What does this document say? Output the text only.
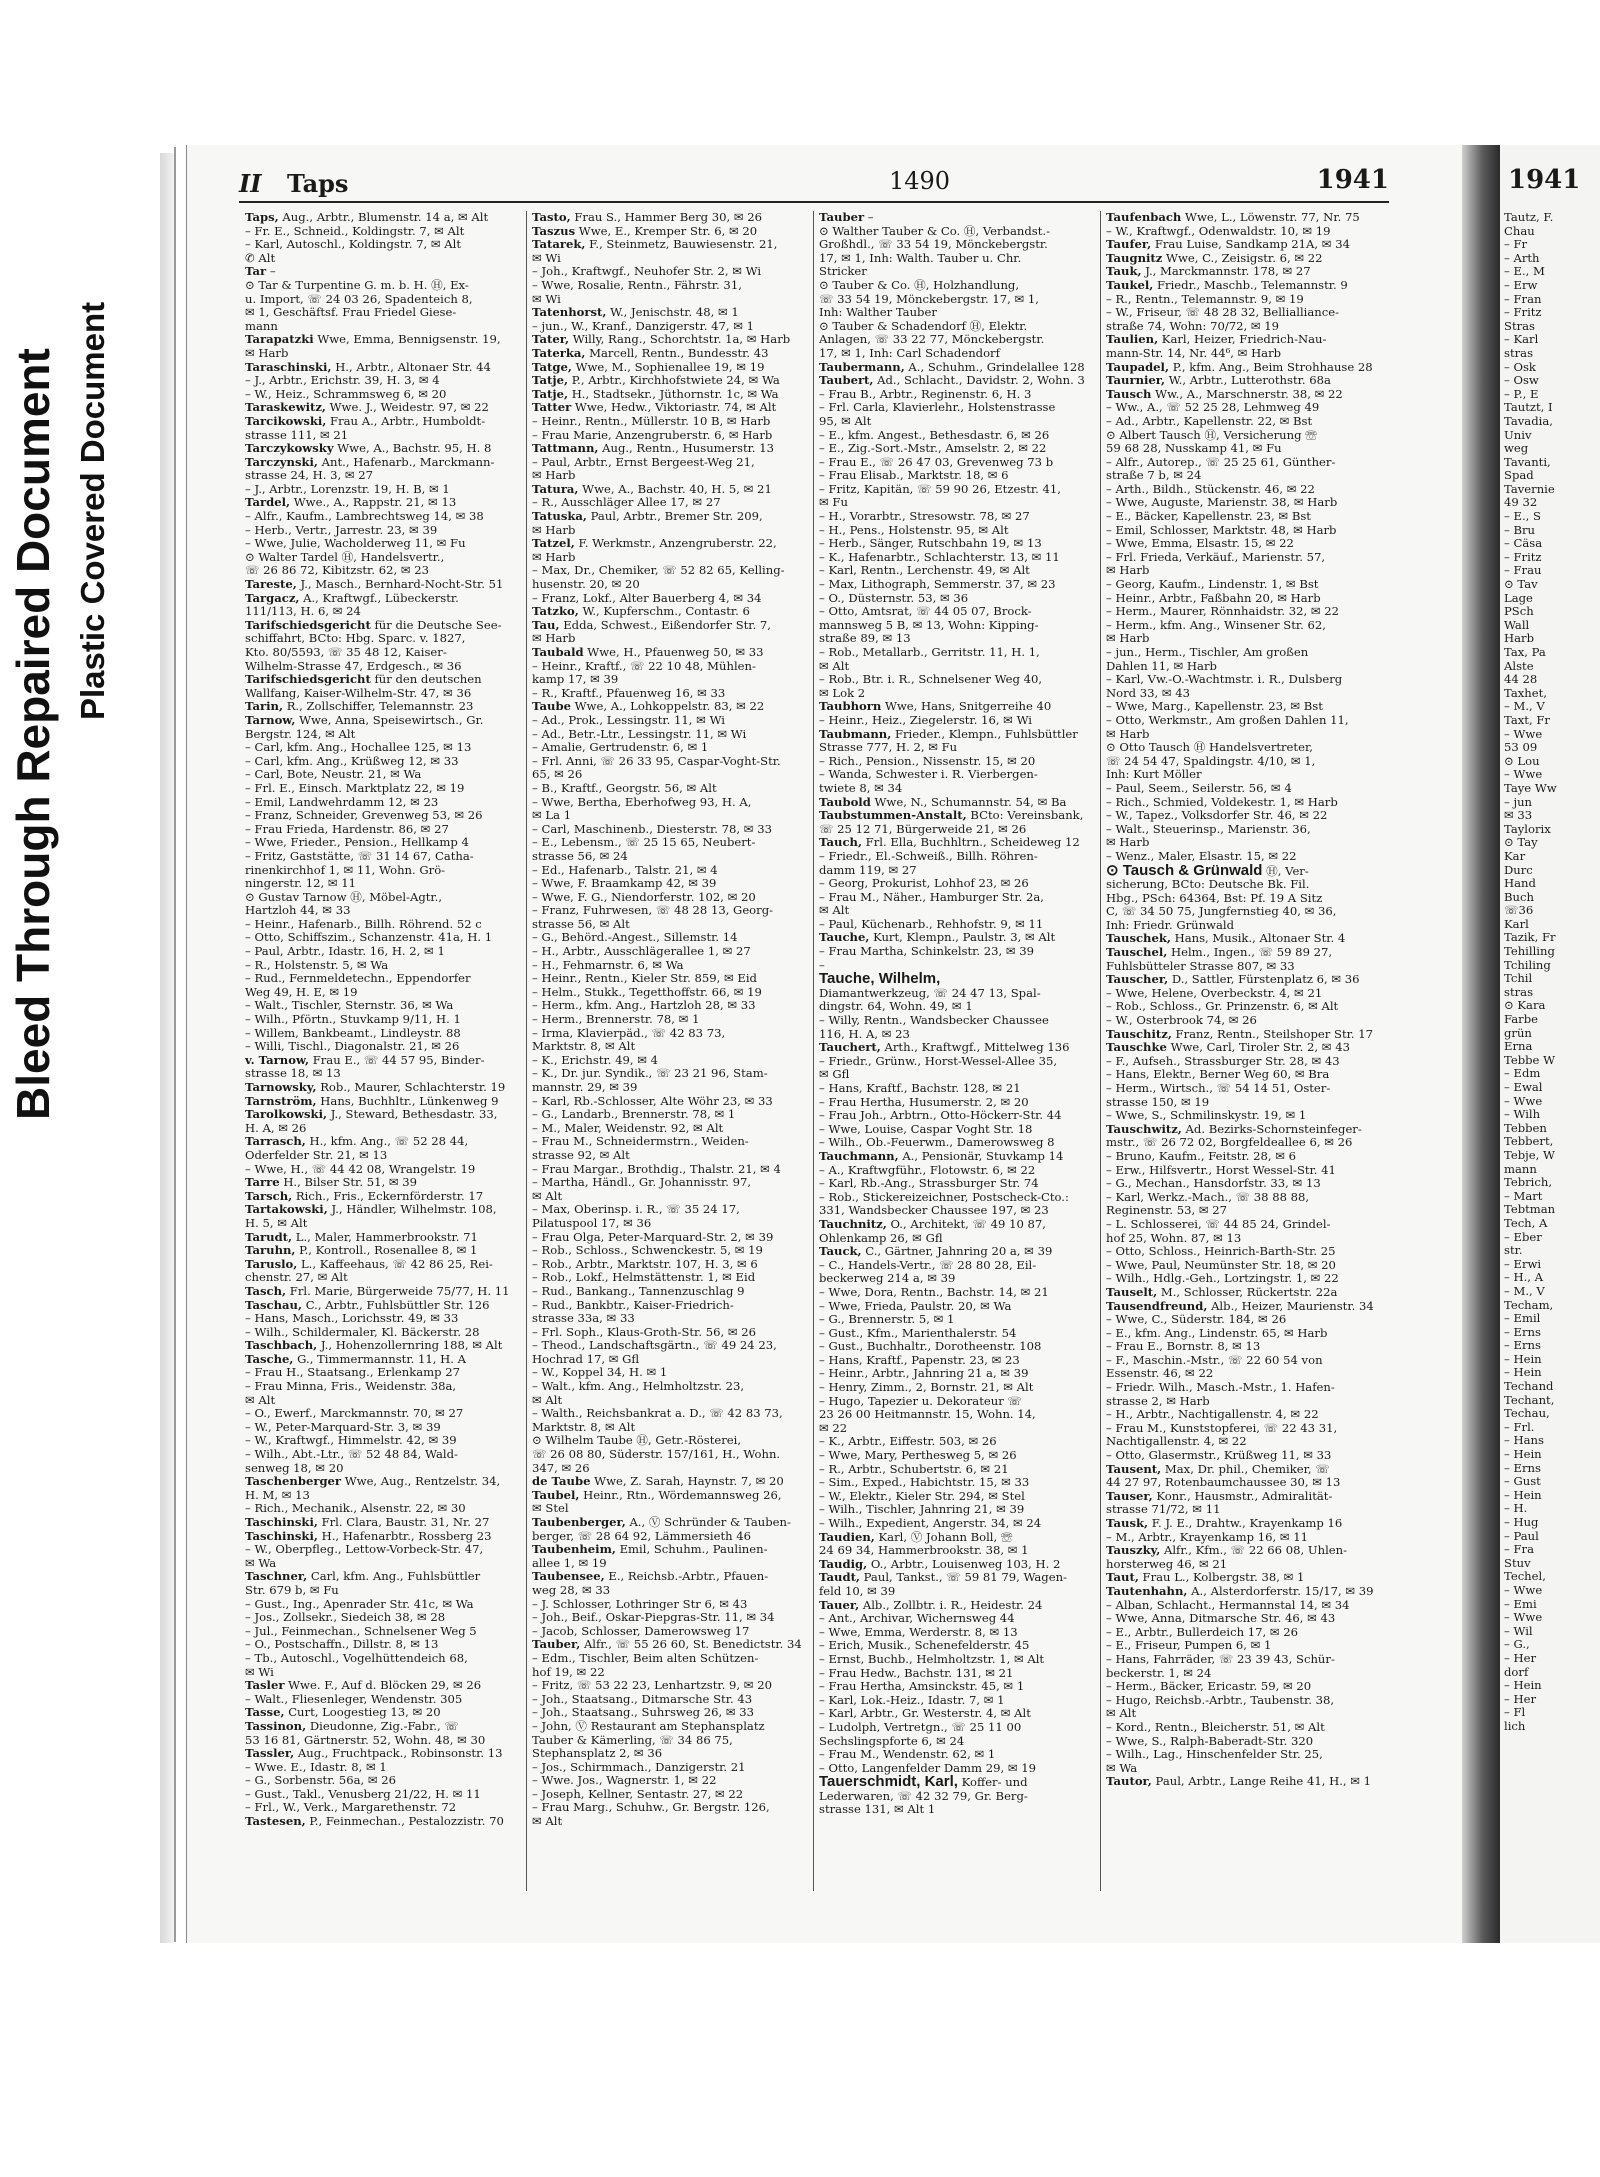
Bleed Through Repaired Document Plastic Covered Document
II Taps	1490	1941
Taps, Aug., Arbtr., Blumenstr. 14 a, ✉ Alt
– Fr. E., Schneid., Koldingstr. 7, ✉ Alt
– Karl, Autoschl., Koldingstr. 7, ✉ Alt
✆ Alt
Tar –
⊙ Tar & Turpentine G. m. b. H. Ⓗ, Ex-
u. Import, ☏ 24 03 26, Spadenteich 8,
✉ 1, Geschäftsf. Frau Friedel Giese-
mann
Tarapatzki Wwe, Emma, Bennigsenstr. 19,
✉ Harb
Taraschinski, H., Arbtr., Altonaer Str. 44
– J., Arbtr., Erichstr. 39, H. 3, ✉ 4
– W., Heiz., Schrammsweg 6, ✉ 20
Taraskewitz, Wwe. J., Weidestr. 97, ✉ 22
Tarcikowski, Frau A., Arbtr., Humboldt-
strasse 111, ✉ 21
Tarczykowsky Wwe, A., Bachstr. 95, H. 8
Tarczynski, Ant., Hafenarb., Marckmann-
strasse 24, H. 3, ✉ 27
– J., Arbtr., Lorenzstr. 19, H. B, ✉ 1
Tardel, Wwe., A., Rappstr. 21, ✉ 13
– Alfr., Kaufm., Lambrechtsweg 14, ✉ 38
– Herb., Vertr., Jarrestr. 23, ✉ 39
– Wwe, Julie, Wacholderweg 11, ✉ Fu
⊙ Walter Tardel Ⓗ, Handelsvertr.,
☏ 26 86 72, Kibitzstr. 62, ✉ 23
Tareste, J., Masch., Bernhard-Nocht-Str. 51
Targacz, A., Kraftwgf., Lübeckerstr.
111/113, H. 6, ✉ 24
Tarifschiedsgericht für die Deutsche See-
schiffahrt, BCto: Hbg. Sparc. v. 1827,
Kto. 80/5593, ☏ 35 48 12, Kaiser-
Wilhelm-Strasse 47, Erdgesch., ✉ 36
Tarifschiedsgericht für den deutschen
Wallfang, Kaiser-Wilhelm-Str. 47, ✉ 36
Tarin, R., Zollschiffer, Telemannstr. 23
Tarnow, Wwe, Anna, Speisewirtsch., Gr.
Bergstr. 124, ✉ Alt
– Carl, kfm. Ang., Hochallee 125, ✉ 13
– Carl, kfm. Ang., Krüßweg 12, ✉ 33
– Carl, Bote, Neustr. 21, ✉ Wa
– Frl. E., Einsch. Marktplatz 22, ✉ 19
– Emil, Landwehrdamm 12, ✉ 23
– Franz, Schneider, Grevenweg 53, ✉ 26
– Frau Frieda, Hardenstr. 86, ✉ 27
– Wwe, Frieder., Pension., Hellkamp 4
– Fritz, Gaststätte, ☏ 31 14 67, Catha-
rinenkirchhof 1, ✉ 11, Wohn. Grö-
ningerstr. 12, ✉ 11
⊙ Gustav Tarnow Ⓗ, Möbel-Agtr.,
Hartzloh 44, ✉ 33
– Heinr., Hafenarb., Billh. Röhrend. 52 c
– Otto, Schiffszim., Schanzenstr. 41a, H. 1
– Paul, Arbtr., Idastr. 16, H. 2, ✉ 1
– R., Holstenstr. 5, ✉ Wa
– Rud., Fernmeldetechn., Eppendorfer
Weg 49, H. E, ✉ 19
– Walt., Tischler, Sternstr. 36, ✉ Wa
– Wilh., Pförtn., Stuvkamp 9/11, H. 1
– Willem, Bankbeamt., Lindleystr. 88
– Willi, Tischl., Diagonalstr. 21, ✉ 26
v. Tarnow, Frau E., ☏ 44 57 95, Binder-
strasse 18, ✉ 13
Tarnowsky, Rob., Maurer, Schlachterstr. 19
Tarnström, Hans, Buchhltr., Lünkenweg 9
Tarolkowski, J., Steward, Bethesdastr. 33,
H. A, ✉ 26
Tarrasch, H., kfm. Ang., ☏ 52 28 44,
Oderfelder Str. 21, ✉ 13
– Wwe, H., ☏ 44 42 08, Wrangelstr. 19
Tarre H., Bilser Str. 51, ✉ 39
Tarsch, Rich., Fris., Eckernförderstr. 17
Tartakowski, J., Händler, Wilhelmstr. 108,
H. 5, ✉ Alt
Tarudt, L., Maler, Hammerbrookstr. 71
Taruhn, P., Kontroll., Rosenallee 8, ✉ 1
Taruslo, L., Kaffeehaus, ☏ 42 86 25, Rei-
chenstr. 27, ✉ Alt
Tasch, Frl. Marie, Bürgerweide 75/77, H. 11
Taschau, C., Arbtr., Fuhlsbüttler Str. 126
– Hans, Masch., Lorichsstr. 49, ✉ 33
– Wilh., Schildermaler, Kl. Bäckerstr. 28
Taschbach, J., Hohenzollernring 188, ✉ Alt
Tasche, G., Timmermannstr. 11, H. A
– Frau H., Staatsang., Erlenkamp 27
– Frau Minna, Fris., Weidenstr. 38a,
✉ Alt
– O., Ewerf., Marckmannstr. 70, ✉ 27
– W., Peter-Marquard-Str. 3, ✉ 39
– W., Kraftwgf., Himmelstr. 42, ✉ 39
– Wilh., Abt.-Ltr., ☏ 52 48 84, Wald-
senweg 18, ✉ 20
Taschenberger Wwe, Aug., Rentzelstr. 34,
H. M, ✉ 13
– Rich., Mechanik., Alsenstr. 22, ✉ 30
Taschinski, Frl. Clara, Baustr. 31, Nr. 27
Taschinski, H., Hafenarbtr., Rossberg 23
– W., Oberpfleg., Lettow-Vorbeck-Str. 47,
✉ Wa
Taschner, Carl, kfm. Ang., Fuhlsbüttler
Str. 679 b, ✉ Fu
– Gust., Ing., Apenrader Str. 41c, ✉ Wa
– Jos., Zollsekr., Siedeich 38, ✉ 28
– Jul., Feinmechan., Schnelsener Weg 5
– O., Postschaffn., Dillstr. 8, ✉ 13
– Tb., Autoschl., Vogelhüttendeich 68,
✉ Wi
Tasler Wwe. F., Auf d. Blöcken 29, ✉ 26
– Walt., Fliesenleger, Wendenstr. 305
Tasse, Curt, Loogestieg 13, ✉ 20
Tassinon, Dieudonne, Zig.-Fabr., ☏
53 16 81, Gärtnerstr. 52, Wohn. 48, ✉ 30
Tassler, Aug., Fruchtpack., Robinsonstr. 13
– Wwe. E., Idastr. 8, ✉ 1
– G., Sorbenstr. 56a, ✉ 26
– Gust., Takl., Venusberg 21/22, H. ✉ 11
– Frl., W., Verk., Margarethenstr. 72
Tastesen, P., Feinmechan., Pestalozzistr. 70
Tasto, Frau S., Hammer Berg 30, ✉ 26
Taszus Wwe, E., Kremper Str. 6, ✉ 20
Tatarek, F., Steinmetz, Bauwiesenstr. 21,
✉ Wi
– Joh., Kraftwgf., Neuhofer Str. 2, ✉ Wi
– Wwe, Rosalie, Rentn., Fährstr. 31,
✉ Wi
Tatenhorst, W., Jenischstr. 48, ✉ 1
– jun., W., Kranf., Danzigerstr. 47, ✉ 1
Tater, Willy, Rang., Schorchtstr. 1a, ✉ Harb
Taterka, Marcell, Rentn., Bundesstr. 43
Tatge, Wwe, M., Sophienallee 19, ✉ 19
Tatje, P., Arbtr., Kirchhofstwiete 24, ✉ Wa
Tatje, H., Stadtsekr., Jüthornstr. 1c, ✉ Wa
Tatter Wwe, Hedw., Viktoriastr. 74, ✉ Alt
– Heinr., Rentn., Müllerstr. 10 B, ✉ Harb
– Frau Marie, Anzengruberstr. 6, ✉ Harb
Tattmann, Aug., Rentn., Husumerstr. 13
– Paul, Arbtr., Ernst Bergeest-Weg 21,
✉ Harb
Tatura, Wwe, A., Bachstr. 40, H. 5, ✉ 21
– R., Ausschläger Allee 17, ✉ 27
Tatuska, Paul, Arbtr., Bremer Str. 209,
✉ Harb
Tatzel, F. Werkmstr., Anzengruberstr. 22,
✉ Harb
– Max, Dr., Chemiker, ☏ 52 82 65, Kelling-
husenstr. 20, ✉ 20
– Franz, Lokf., Alter Bauerberg 4, ✉ 34
Tatzko, W., Kupferschm., Contastr. 6
Tau, Edda, Schwest., Eißendorfer Str. 7,
✉ Harb
Taubald Wwe, H., Pfauenweg 50, ✉ 33
– Heinr., Kraftf., ☏ 22 10 48, Mühlen-
kamp 17, ✉ 39
– R., Kraftf., Pfauenweg 16, ✉ 33
Taube Wwe, A., Lohkoppelstr. 83, ✉ 22
– Ad., Prok., Lessingstr. 11, ✉ Wi
– Ad., Betr.-Ltr., Lessingstr. 11, ✉ Wi
– Amalie, Gertrudenstr. 6, ✉ 1
– Frl. Anni, ☏ 26 33 95, Caspar-Voght-Str.
65, ✉ 26
– B., Kraftf., Georgstr. 56, ✉ Alt
– Wwe, Bertha, Eberhofweg 93, H. A,
✉ La 1
– Carl, Maschinenb., Diesterstr. 78, ✉ 33
– E., Lebensm., ☏ 25 15 65, Neubert-
strasse 56, ✉ 24
– Ed., Hafenarb., Talstr. 21, ✉ 4
– Wwe, F. Braamkamp 42, ✉ 39
– Wwe, F. G., Niendorferstr. 102, ✉ 20
– Franz, Fuhrwesen, ☏ 48 28 13, Georg-
strasse 56, ✉ Alt
– G., Behörd.-Angest., Sillemstr. 14
– H., Arbtr., Ausschlägerallee 1, ✉ 27
– H., Fehmarnstr. 6, ✉ Wa
– Heinr., Rentn., Kieler Str. 859, ✉ Eid
– Helm., Stukk., Tegetthoffstr. 66, ✉ 19
– Herm., kfm. Ang., Hartzloh 28, ✉ 33
– Herm., Brennerstr. 78, ✉ 1
– Irma, Klavierpäd., ☏ 42 83 73,
Marktstr. 8, ✉ Alt
– K., Erichstr. 49, ✉ 4
– K., Dr. jur. Syndik., ☏ 23 21 96, Stam-
mannstr. 29, ✉ 39
– Karl, Rb.-Schlosser, Alte Wöhr 23, ✉ 33
– G., Landarb., Brennerstr. 78, ✉ 1
– M., Maler, Weidenstr. 92, ✉ Alt
– Frau M., Schneidermstrn., Weiden-
strasse 92, ✉ Alt
– Frau Margar., Brothdig., Thalstr. 21, ✉ 4
– Martha, Händl., Gr. Johannisstr. 97,
✉ Alt
– Max, Oberinsp. i. R., ☏ 35 24 17,
Pilatuspool 17, ✉ 36
– Frau Olga, Peter-Marquard-Str. 2, ✉ 39
– Rob., Schloss., Schwenckestr. 5, ✉ 19
– Rob., Arbtr., Marktstr. 107, H. 3, ✉ 6
– Rob., Lokf., Helmstättenstr. 1, ✉ Eid
– Rud., Bankang., Tannenzuschlag 9
– Rud., Bankbtr., Kaiser-Friedrich-
strasse 33a, ✉ 33
– Frl. Soph., Klaus-Groth-Str. 56, ✉ 26
– Theod., Landschaftsgärtn., ☏ 49 24 23,
Hochrad 17, ✉ Gfl
– W., Koppel 34, H. ✉ 1
– Walt., kfm. Ang., Helmholtzstr. 23,
✉ Alt
– Walth., Reichsbankrat a. D., ☏ 42 83 73,
Marktstr. 8, ✉ Alt
⊙ Wilhelm Taube Ⓗ, Getr.-Rösterei,
☏ 26 08 80, Süderstr. 157/161, H., Wohn.
347, ✉ 26
de Taube Wwe, Z. Sarah, Haynstr. 7, ✉ 20
Taubel, Heinr., Rtn., Wördemannsweg 26,
✉ Stel
Taubenberger, A., Ⓥ Schründer & Tauben-
berger, ☏ 28 64 92, Lämmersieth 46
Taubenheim, Emil, Schuhm., Paulinen-
allee 1, ✉ 19
Taubensee, E., Reichsb.-Arbtr., Pfauen-
weg 28, ✉ 33
– J. Schlosser, Lothringer Str 6, ✉ 43
– Joh., Beif., Oskar-Piepgras-Str. 11, ✉ 34
– Jacob, Schlosser, Damerowsweg 17
Tauber, Alfr., ☏ 55 26 60, St. Benedictstr. 34
– Edm., Tischler, Beim alten Schützen-
hof 19, ✉ 22
– Fritz, ☏ 53 22 23, Lenhartzstr. 9, ✉ 20
– Joh., Staatsang., Ditmarsche Str. 43
– Joh., Staatsang., Suhrsweg 26, ✉ 33
– John, Ⓥ Restaurant am Stephansplatz
Tauber & Kämerling, ☏ 34 86 75,
Stephansplatz 2, ✉ 36
– Jos., Schirmmach., Danzigerstr. 21
– Wwe. Jos., Wagnerstr. 1, ✉ 22
– Joseph, Kellner, Sentastr. 27, ✉ 22
– Frau Marg., Schuhw., Gr. Bergstr. 126,
✉ Alt
Tauber –
⊙ Walther Tauber & Co. Ⓗ, Verbandst.-
Großhdl., ☏ 33 54 19, Mönckebergstr.
17, ✉ 1, Inh: Walth. Tauber u. Chr.
Stricker
⊙ Tauber & Co. Ⓗ, Holzhandlung,
☏ 33 54 19, Mönckebergstr. 17, ✉ 1,
Inh: Walther Tauber
⊙ Tauber & Schadendorf Ⓗ, Elektr.
Anlagen, ☏ 33 22 77, Mönckebergstr.
17, ✉ 1, Inh: Carl Schadendorf
Taubermann, A., Schuhm., Grindelallee 128
Taubert, Ad., Schlacht., Davidstr. 2, Wohn. 3
– Frau B., Arbtr., Reginenstr. 6, H. 3
– Frl. Carla, Klavierlehr., Holstenstrasse
95, ✉ Alt
– E., kfm. Angest., Bethesdastr. 6, ✉ 26
– E., Zig.-Sort.-Mstr., Amselstr. 2, ✉ 22
– Frau E., ☏ 26 47 03, Grevenweg 73 b
– Frau Elisab., Marktstr. 18, ✉ 6
– Fritz, Kapitän, ☏ 59 90 26, Etzestr. 41,
✉ Fu
– H., Vorarbtr., Stresowstr. 78, ✉ 27
– H., Pens., Holstenstr. 95, ✉ Alt
– Herb., Sänger, Rutschbahn 19, ✉ 13
– K., Hafenarbtr., Schlachterstr. 13, ✉ 11
– Karl, Rentn., Lerchenstr. 49, ✉ Alt
– Max, Lithograph, Semmerstr. 37, ✉ 23
– O., Düsternstr. 53, ✉ 36
– Otto, Amtsrat, ☏ 44 05 07, Brock-
mannsweg 5 B, ✉ 13, Wohn: Kipping-
straße 89, ✉ 13
– Rob., Metallarb., Gerritstr. 11, H. 1,
✉ Alt
– Rob., Btr. i. R., Schnelsener Weg 40,
✉ Lok 2
Taubhorn Wwe, Hans, Snitgerreihe 40
– Heinr., Heiz., Ziegelerstr. 16, ✉ Wi
Taubmann, Frieder., Klempn., Fuhlsbüttler
Strasse 777, H. 2, ✉ Fu
– Rich., Pension., Nissenstr. 15, ✉ 20
– Wanda, Schwester i. R. Vierbergen-
twiete 8, ✉ 34
Taubold Wwe, N., Schumannstr. 54, ✉ Ba
Taubstummen-Anstalt, BCto: Vereinsbank,
☏ 25 12 71, Bürgerweide 21, ✉ 26
Tauch, Frl. Ella, Buchhltrn., Scheideweg 12
– Friedr., El.-Schweiß., Billh. Röhren-
damm 119, ✉ 27
– Georg, Prokurist, Lohhof 23, ✉ 26
– Frau M., Näher., Hamburger Str. 2a,
✉ Alt
– Paul, Küchenarb., Rehhofstr. 9, ✉ 11
Tauche, Kurt, Klempn., Paulstr. 3, ✉ Alt
– Frau Martha, Schinkelstr. 23, ✉ 39
–
Tauche, Wilhelm,
Diamantwerkzeug, ☏ 24 47 13, Spal-
dingstr. 64, Wohn. 49, ✉ 1
– Willy, Rentn., Wandsbecker Chaussee
116, H. A, ✉ 23
Tauchert, Arth., Kraftwgf., Mittelweg 136
– Friedr., Grünw., Horst-Wessel-Allee 35,
✉ Gfl
– Hans, Kraftf., Bachstr. 128, ✉ 21
– Frau Hertha, Husumerstr. 2, ✉ 20
– Frau Joh., Arbtrn., Otto-Höckerr-Str. 44
– Wwe, Louise, Caspar Voght Str. 18
– Wilh., Ob.-Feuerwm., Damerowsweg 8
Tauchmann, A., Pensionär, Stuvkamp 14
– A., Kraftwgführ., Flotowstr. 6, ✉ 22
– Karl, Rb.-Ang., Strassburger Str. 74
– Rob., Stickereizeichner, Postscheck-Cto.:
331, Wandsbecker Chaussee 197, ✉ 23
Tauchnitz, O., Architekt, ☏ 49 10 87,
Ohlenkamp 26, ✉ Gfl
Tauck, C., Gärtner, Jahnring 20 a, ✉ 39
– C., Handels-Vertr., ☏ 28 80 28, Eil-
beckerweg 214 a, ✉ 39
– Wwe, Dora, Rentn., Bachstr. 14, ✉ 21
– Wwe, Frieda, Paulstr. 20, ✉ Wa
– G., Brennerstr. 5, ✉ 1
– Gust., Kfm., Marienthalerstr. 54
– Gust., Buchhaltr., Dorotheenstr. 108
– Hans, Kraftf., Papenstr. 23, ✉ 23
– Heinr., Arbtr., Jahnring 21 a, ✉ 39
– Henry, Zimm., 2, Bornstr. 21, ✉ Alt
– Hugo, Tapezier u. Dekorateur ☏
23 26 00 Heitmannstr. 15, Wohn. 14,
✉ 22
– K., Arbtr., Eiffestr. 503, ✉ 26
– Wwe, Mary, Perthesweg 5, ✉ 26
– R., Arbtr., Schubertstr. 6, ✉ 21
– Sim., Exped., Habichtstr. 15, ✉ 33
– W., Elektr., Kieler Str. 294, ✉ Stel
– Wilh., Tischler, Jahnring 21, ✉ 39
– Wilh., Expedient, Angerstr. 34, ✉ 24
Taudien, Karl, Ⓥ Johann Boll, ☏
24 69 34, Hammerbrookstr. 38, ✉ 1
Taudig, O., Arbtr., Louisenweg 103, H. 2
Taudt, Paul, Tankst., ☏ 59 81 79, Wagen-
feld 10, ✉ 39
Tauer, Alb., Zollbtr. i. R., Heidestr. 24
– Ant., Archivar, Wichernsweg 44
– Wwe, Emma, Werderstr. 8, ✉ 13
– Erich, Musik., Schenefelderstr. 45
– Ernst, Buchb., Helmholtzstr. 1, ✉ Alt
– Frau Hedw., Bachstr. 131, ✉ 21
– Frau Hertha, Amsinckstr. 45, ✉ 1
– Karl, Lok.-Heiz., Idastr. 7, ✉ 1
– Karl, Arbtr., Gr. Westerstr. 4, ✉ Alt
– Ludolph, Vertretgn., ☏ 25 11 00
Sechslingspforte 6, ✉ 24
– Frau M., Wendenstr. 62, ✉ 1
– Otto, Langenfelder Damm 29, ✉ 19
Tauerschmidt, Karl, Koffer- und
Lederwaren, ☏ 42 32 79, Gr. Berg-
strasse 131, ✉ Alt 1
Taufenbach Wwe, L., Löwenstr. 77, Nr. 75
– W., Kraftwgf., Odenwaldstr. 10, ✉ 19
Taufer, Frau Luise, Sandkamp 21A, ✉ 34
Taugnitz Wwe, C., Zeisigstr. 6, ✉ 22
Tauk, J., Marckmannstr. 178, ✉ 27
Taukel, Friedr., Maschb., Telemannstr. 9
– R., Rentn., Telemannstr. 9, ✉ 19
– W., Friseur, ☏ 48 28 32, Bellialliance-
straße 74, Wohn: 70/72, ✉ 19
Taulien, Karl, Heizer, Friedrich-Nau-
mann-Str. 14, Nr. 44⁶, ✉ Harb
Taupadel, P., kfm. Ang., Beim Strohhause 28
Taurnier, W., Arbtr., Lutterothstr. 68a
Tausch Ww., A., Marschnerstr. 38, ✉ 22
– Ww., A., ☏ 52 25 28, Lehmweg 49
– Ad., Arbtr., Kapellenstr. 22, ✉ Bst
⊙ Albert Tausch Ⓗ, Versicherung ☏
59 68 28, Nusskamp 41, ✉ Fu
– Alfr., Autorep., ☏ 25 25 61, Günther-
straße 7 b, ✉ 24
– Arth., Bildh., Stückenstr. 46, ✉ 22
– Wwe, Auguste, Marienstr. 38, ✉ Harb
– E., Bäcker, Kapellenstr. 23, ✉ Bst
– Emil, Schlosser, Marktstr. 48, ✉ Harb
– Wwe, Emma, Elsastr. 15, ✉ 22
– Frl. Frieda, Verkäuf., Marienstr. 57,
✉ Harb
– Georg, Kaufm., Lindenstr. 1, ✉ Bst
– Heinr., Arbtr., Faßbahn 20, ✉ Harb
– Herm., Maurer, Rönnhaidstr. 32, ✉ 22
– Herm., kfm. Ang., Winsener Str. 62,
✉ Harb
– jun., Herm., Tischler, Am großen
Dahlen 11, ✉ Harb
– Karl, Vw.-O.-Wachtmstr. i. R., Dulsberg
Nord 33, ✉ 43
– Wwe, Marg., Kapellenstr. 23, ✉ Bst
– Otto, Werkmstr., Am großen Dahlen 11,
✉ Harb
⊙ Otto Tausch Ⓗ Handelsvertreter,
☏ 24 54 47, Spaldingstr. 4/10, ✉ 1,
Inh: Kurt Möller
– Paul, Seem., Seilerstr. 56, ✉ 4
– Rich., Schmied, Voldekestr. 1, ✉ Harb
– W., Tapez., Volksdorfer Str. 46, ✉ 22
– Walt., Steuerinsp., Marienstr. 36,
✉ Harb
– Wenz., Maler, Elsastr. 15, ✉ 22
⊙ Tausch & Grünwald Ⓗ, Ver-
sicherung, BCto: Deutsche Bk. Fil.
Hbg., PSch: 64364, Bst: Pf. 19 A Sitz
C, ☏ 34 50 75, Jungfernstieg 40, ✉ 36,
Inh: Friedr. Grünwald
Tauschek, Hans, Musik., Altonaer Str. 4
Tauschel, Helm., Ingen., ☏ 59 89 27,
Fuhlsbütteler Strasse 807, ✉ 33
Tauscher, D., Sattler, Fürstenplatz 6, ✉ 36
– Wwe, Helene, Overbeckstr. 4, ✉ 21
– Rob., Schloss., Gr. Prinzenstr. 6, ✉ Alt
– W., Osterbrook 74, ✉ 26
Tauschitz, Franz, Rentn., Steilshoper Str. 17
Tauschke Wwe, Carl, Tiroler Str. 2, ✉ 43
– F., Aufseh., Strassburger Str. 28, ✉ 43
– Hans, Elektr., Berner Weg 60, ✉ Bra
– Herm., Wirtsch., ☏ 54 14 51, Oster-
strasse 150, ✉ 19
– Wwe, S., Schmilinskystr. 19, ✉ 1
Tauschwitz, Ad. Bezirks-Schornsteinfeger-
mstr., ☏ 26 72 02, Borgfeldeallee 6, ✉ 26
– Bruno, Kaufm., Feitstr. 28, ✉ 6
– Erw., Hilfsvertr., Horst Wessel-Str. 41
– G., Mechan., Hansdorfstr. 33, ✉ 13
– Karl, Werkz.-Mach., ☏ 38 88 88,
Reginenstr. 53, ✉ 27
– L. Schlosserei, ☏ 44 85 24, Grindel-
hof 25, Wohn. 87, ✉ 13
– Otto, Schloss., Heinrich-Barth-Str. 25
– Wwe, Paul, Neumünster Str. 18, ✉ 20
– Wilh., Hdlg.-Geh., Lortzingstr. 1, ✉ 22
Tauselt, M., Schlosser, Rückertstr. 22a
Tausendfreund, Alb., Heizer, Maurienstr. 34
– Wwe, C., Süderstr. 184, ✉ 26
– E., kfm. Ang., Lindenstr. 65, ✉ Harb
– Frau E., Bornstr. 8, ✉ 13
– F., Maschin.-Mstr., ☏ 22 60 54 von
Essenstr. 46, ✉ 22
– Friedr. Wilh., Masch.-Mstr., 1. Hafen-
strasse 2, ✉ Harb
– H., Arbtr., Nachtigallenstr. 4, ✉ 22
– Frau M., Kunststopferei, ☏ 22 43 31,
Nachtigallenstr. 4, ✉ 22
– Otto, Glasermstr., Krüßweg 11, ✉ 33
Tausent, Max, Dr. phil., Chemiker, ☏
44 27 97, Rotenbaumchaussee 30, ✉ 13
Tauser, Konr., Hausmstr., Admiralität-
strasse 71/72, ✉ 11
Tausk, F. J. E., Drahtw., Krayenkamp 16
– M., Arbtr., Krayenkamp 16, ✉ 11
Tauszky, Alfr., Kfm., ☏ 22 66 08, Uhlen-
horsterweg 46, ✉ 21
Taut, Frau L., Kolbergstr. 38, ✉ 1
Tautenhahn, A., Alsterdorferstr. 15/17, ✉ 39
– Alban, Schlacht., Hermannstal 14, ✉ 34
– Wwe, Anna, Ditmarsche Str. 46, ✉ 43
– E., Arbtr., Bullerdeich 17, ✉ 26
– E., Friseur, Pumpen 6, ✉ 1
– Hans, Fahrräder, ☏ 23 39 43, Schür-
beckerstr. 1, ✉ 24
– Herm., Bäcker, Ericastr. 59, ✉ 20
– Hugo, Reichsb.-Arbtr., Taubenstr. 38,
✉ Alt
– Kord., Rentn., Bleicherstr. 51, ✉ Alt
– Wwe, S., Ralph-Baberadt-Str. 320
– Wilh., Lag., Hinschenfelder Str. 25,
✉ Wa
Tautor, Paul, Arbtr., Lange Reihe 41, H., ✉ 1
1941
Tautz, F.
Chau
– Fr
– Arth
– E., M
– Erw
– Fran
– Fritz
Stras
– Karl
stras
– Osk
– Osw
– P., E
Tautzt, I
Tavadia,
Univ
weg
Tavanti,
Spad
Tavernie
49 32
– E., S
– Bru
– Cäsa
– Fritz
– Frau
⊙ Tav
Lage
PSch
Wall
Harb
Tax, Pa
Alste
44 28
Taxhet,
– M., V
Taxt, Fr
– Wwe
53 09
⊙ Lou
– Wwe
Taye Ww
– jun
✉ 33
Taylorix
⊙ Tay
Kar
Durc
Hand
Buch
☏36
Karl
Tazik, Fr
Tehilling
Tchiling
Tchil
stras
⊙ Kara
Farbe
grün
Erna
Tebbe W
– Edm
– Ewal
– Wwe
– Wilh
Tebben
Tebbert,
Tebje, W
mann
Tebrich,
– Mart
Tebtman
Tech, A
– Eber
str.
– Erwi
– H., A
– M., V
Techam,
– Emil
– Erns
– Erns
– Hein
– Hein
Techand
Techant,
Techau,
– Frl.
– Hans
– Hein
– Erns
– Gust
– Hein
– H.
– Hug
– Paul
– Fra
Stuv
Techel,
– Wwe
– Emi
– Wwe
– Wil
– G.,
– Her
dorf
– Hein
– Her
– Fl
lich
